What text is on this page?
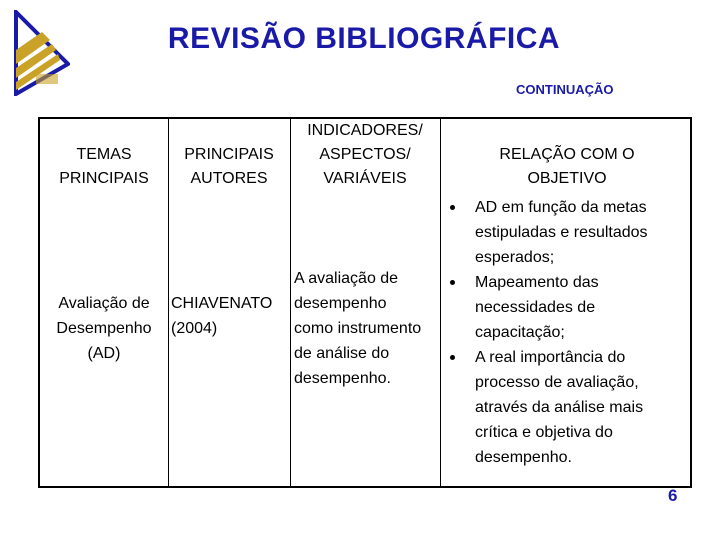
REVISÃO BIBLIOGRÁFICA
CONTINUAÇÃO
TEMAS
PRINCIPAIS
PRINCIPAIS
AUTORES
INDICADORES/
ASPECTOS/
VARIÁVEIS
RELAÇÃO COM O
OBJETIVO
Avaliação de
Desempenho
(AD)
CHIAVENATO
(2004)
A avaliação de
desempenho
como instrumento
de análise do
desempenho.
AD em função da metas
estipuladas e resultados
esperados;
Mapeamento das
necessidades de
capacitação;
A real importância do
processo de avaliação,
através da análise mais
crítica e objetiva do
desempenho.
6
